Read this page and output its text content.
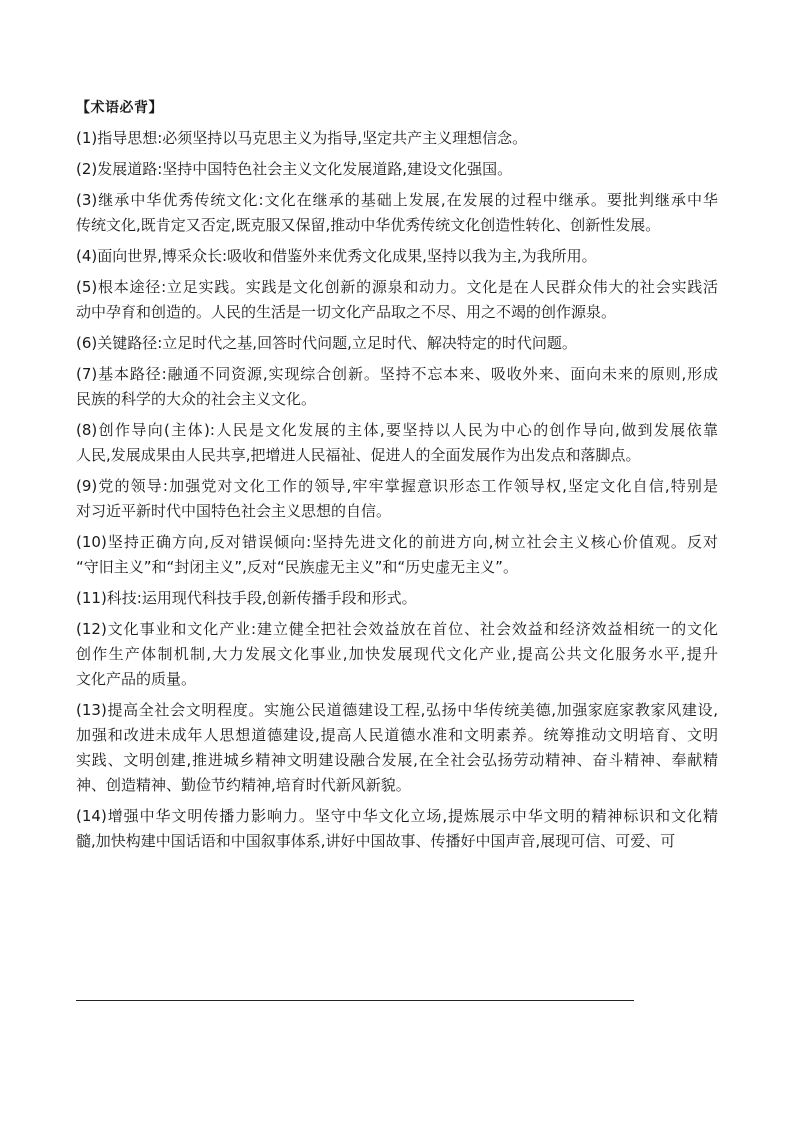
【术语必背】
(1)指导思想:必须坚持以马克思主义为指导,坚定共产主义理想信念。
(2)发展道路:坚持中国特色社会主义文化发展道路,建设文化强国。
(3)继承中华优秀传统文化:文化在继承的基础上发展,在发展的过程中继承。要批判继承中华
传统文化,既肯定又否定,既克服又保留,推动中华优秀传统文化创造性转化、创新性发展。
(4)面向世界,博采众长:吸收和借鉴外来优秀文化成果,坚持以我为主,为我所用。
(5)根本途径:立足实践。实践是文化创新的源泉和动力。文化是在人民群众伟大的社会实践活
动中孕育和创造的。人民的生活是一切文化产品取之不尽、用之不竭的创作源泉。
(6)关键路径:立足时代之基,回答时代问题,立足时代、解决特定的时代问题。
(7)基本路径:融通不同资源,实现综合创新。坚持不忘本来、吸收外来、面向未来的原则,形成
民族的科学的大众的社会主义文化。
(8)创作导向(主体):人民是文化发展的主体,要坚持以人民为中心的创作导向,做到发展依靠
人民,发展成果由人民共享,把增进人民福祉、促进人的全面发展作为出发点和落脚点。
(9)党的领导:加强党对文化工作的领导,牢牢掌握意识形态工作领导权,坚定文化自信,特别是
对习近平新时代中国特色社会主义思想的自信。
(10)坚持正确方向,反对错误倾向:坚持先进文化的前进方向,树立社会主义核心价值观。反对
“守旧主义”和“封闭主义”,反对“民族虚无主义”和“历史虚无主义”。
(11)科技:运用现代科技手段,创新传播手段和形式。
(12)文化事业和文化产业:建立健全把社会效益放在首位、社会效益和经济效益相统一的文化
创作生产体制机制,大力发展文化事业,加快发展现代文化产业,提高公共文化服务水平,提升
文化产品的质量。
(13)提高全社会文明程度。实施公民道德建设工程,弘扬中华传统美德,加强家庭家教家风建设,
加强和改进未成年人思想道德建设,提高人民道德水准和文明素养。统筹推动文明培育、文明
实践、文明创建,推进城乡精神文明建设融合发展,在全社会弘扬劳动精神、奋斗精神、奉献精
神、创造精神、勤俭节约精神,培育时代新风新貌。
(14)增强中华文明传播力影响力。坚守中华文化立场,提炼展示中华文明的精神标识和文化精
髓,加快构建中国话语和中国叙事体系,讲好中国故事、传播好中国声音,展现可信、可爱、可
